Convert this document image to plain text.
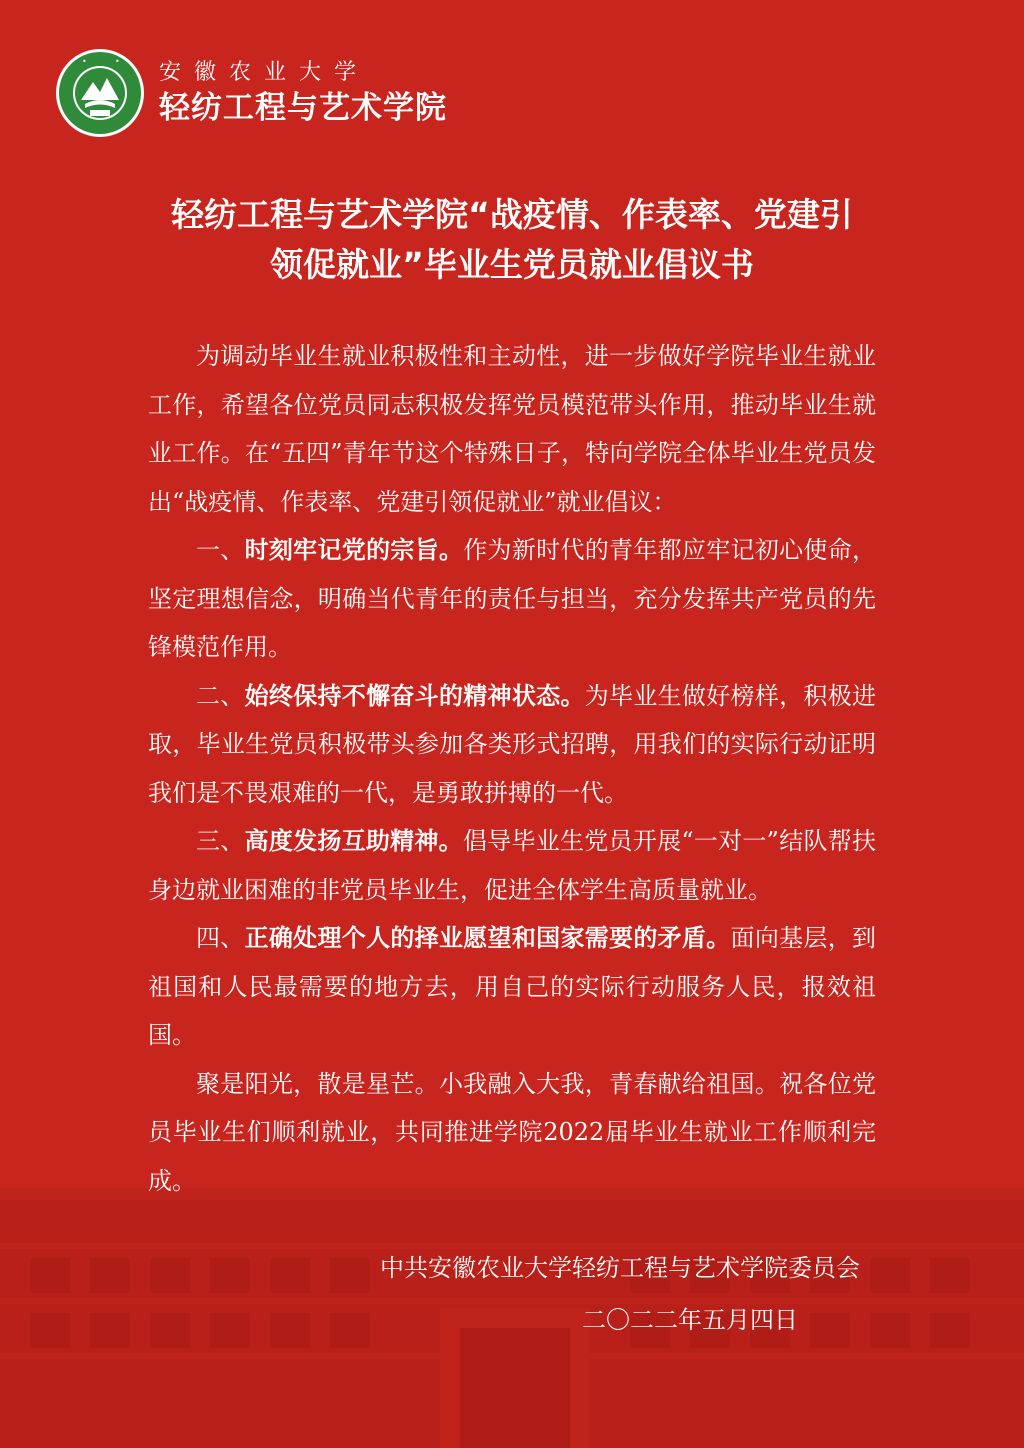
•	• 安徽农业大学
轻纺工程与艺术学院
轻纺工程与艺术学院“战疫情、作表率、党建引
领促就业”毕业生党员就业倡议书

为调动毕业生就业积极性和主动性，进一步做好学院毕业生就业工作，希望各位党员同志积极发挥党员模范带头作用，推动毕业生就业工作。在“五四”青年节这个特殊日子，特向学院全体毕业生党员发出“战疫情、作表率、党建引领促就业”就业倡议：

一、时刻牢记党的宗旨。作为新时代的青年都应牢记初心使命，坚定理想信念，明确当代青年的责任与担当，充分发挥共产党员的先锋模范作用。

二、始终保持不懈奋斗的精神状态。为毕业生做好榜样，积极进取，毕业生党员积极带头参加各类形式招聘，用我们的实际行动证明我们是不畏艰难的一代，是勇敢拼搏的一代。

三、高度发扬互助精神。倡导毕业生党员开展“一对一”结队帮扶身边就业困难的非党员毕业生，促进全体学生高质量就业。

四、正确处理个人的择业愿望和国家需要的矛盾。面向基层，到祖国和人民最需要的地方去，用自己的实际行动服务人民，报效祖国。

聚是阳光，散是星芒。小我融入大我，青春献给祖国。祝各位党员毕业生们顺利就业，共同推进学院2022届毕业生就业工作顺利完成。

中共安徽农业大学轻纺工程与艺术学院委员会
二〇二二年五月四日
